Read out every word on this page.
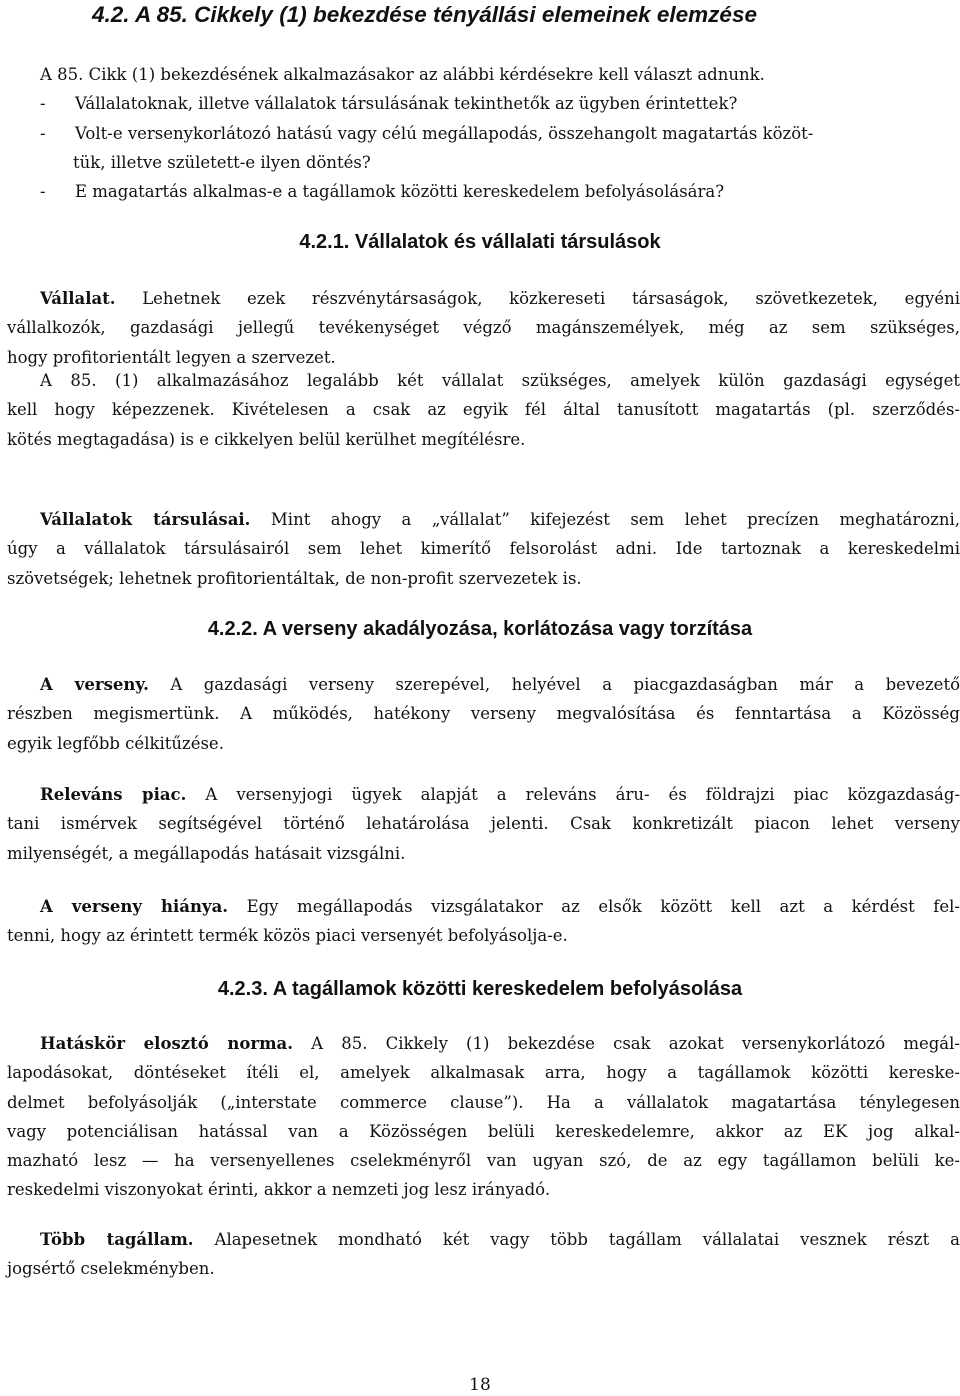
4.2. A 85. Cikkely (1) bekezdése tényállási elemeinek elemzése
A 85. Cikk (1) bekezdésének alkalmazásakor az alábbi kérdésekre kell választ adnunk.
- Vállalatoknak, illetve vállalatok társulásának tekinthetők az ügyben érintettek?
- Volt-e versenykorlátozó hatású vagy célú megállapodás, összehangolt magatartás közöt-
tük, illetve született-e ilyen döntés?
- E magatartás alkalmas-e a tagállamok közötti kereskedelem befolyásolására?
4.2.1. Vállalatok és vállalati társulások
Vállalat. Lehetnek ezek részvénytársaságok, közkereseti társaságok, szövetkezetek, egyéni
vállalkozók, gazdasági jellegű tevékenységet végző magánszemélyek, még az sem szükséges,
hogy profitorientált legyen a szervezet.
A 85. (1) alkalmazásához legalább két vállalat szükséges, amelyek külön gazdasági egységet
kell hogy képezzenek. Kivételesen a csak az egyik fél által tanusított magatartás (pl. szerződés-
kötés megtagadása) is e cikkelyen belül kerülhet megítélésre.
Vállalatok társulásai. Mint ahogy a „vállalat” kifejezést sem lehet precízen meghatározni,
úgy a vállalatok társulásairól sem lehet kimerítő felsorolást adni. Ide tartoznak a kereskedelmi
szövetségek; lehetnek profitorientáltak, de non-profit szervezetek is.
4.2.2. A verseny akadályozása, korlátozása vagy torzítása
A verseny. A gazdasági verseny szerepével, helyével a piacgazdaságban már a bevezető
részben megismertünk. A működés, hatékony verseny megvalósítása és fenntartása a Közösség
egyik legfőbb célkitűzése.
Releváns piac. A versenyjogi ügyek alapját a releváns áru- és földrajzi piac közgazdaság-
tani ismérvek segítségével történő lehatárolása jelenti. Csak konkretizált piacon lehet verseny
milyenségét, a megállapodás hatásait vizsgálni.
A verseny hiánya. Egy megállapodás vizsgálatakor az elsők között kell azt a kérdést fel-
tenni, hogy az érintett termék közös piaci versenyét befolyásolja-e.
4.2.3. A tagállamok közötti kereskedelem befolyásolása
Hatáskör elosztó norma. A 85. Cikkely (1) bekezdése csak azokat versenykorlátozó megál-
lapodásokat, döntéseket ítéli el, amelyek alkalmasak arra, hogy a tagállamok közötti kereske-
delmet befolyásolják („interstate commerce clause”). Ha a vállalatok magatartása ténylegesen
vagy potenciálisan hatással van a Közösségen belüli kereskedelemre, akkor az EK jog alkal-
mazható lesz — ha versenyellenes cselekményről van ugyan szó, de az egy tagállamon belüli ke-
reskedelmi viszonyokat érinti, akkor a nemzeti jog lesz irányadó.
Több tagállam. Alapesetnek mondható két vagy több tagállam vállalatai vesznek részt a
jogsértő cselekményben.
18
